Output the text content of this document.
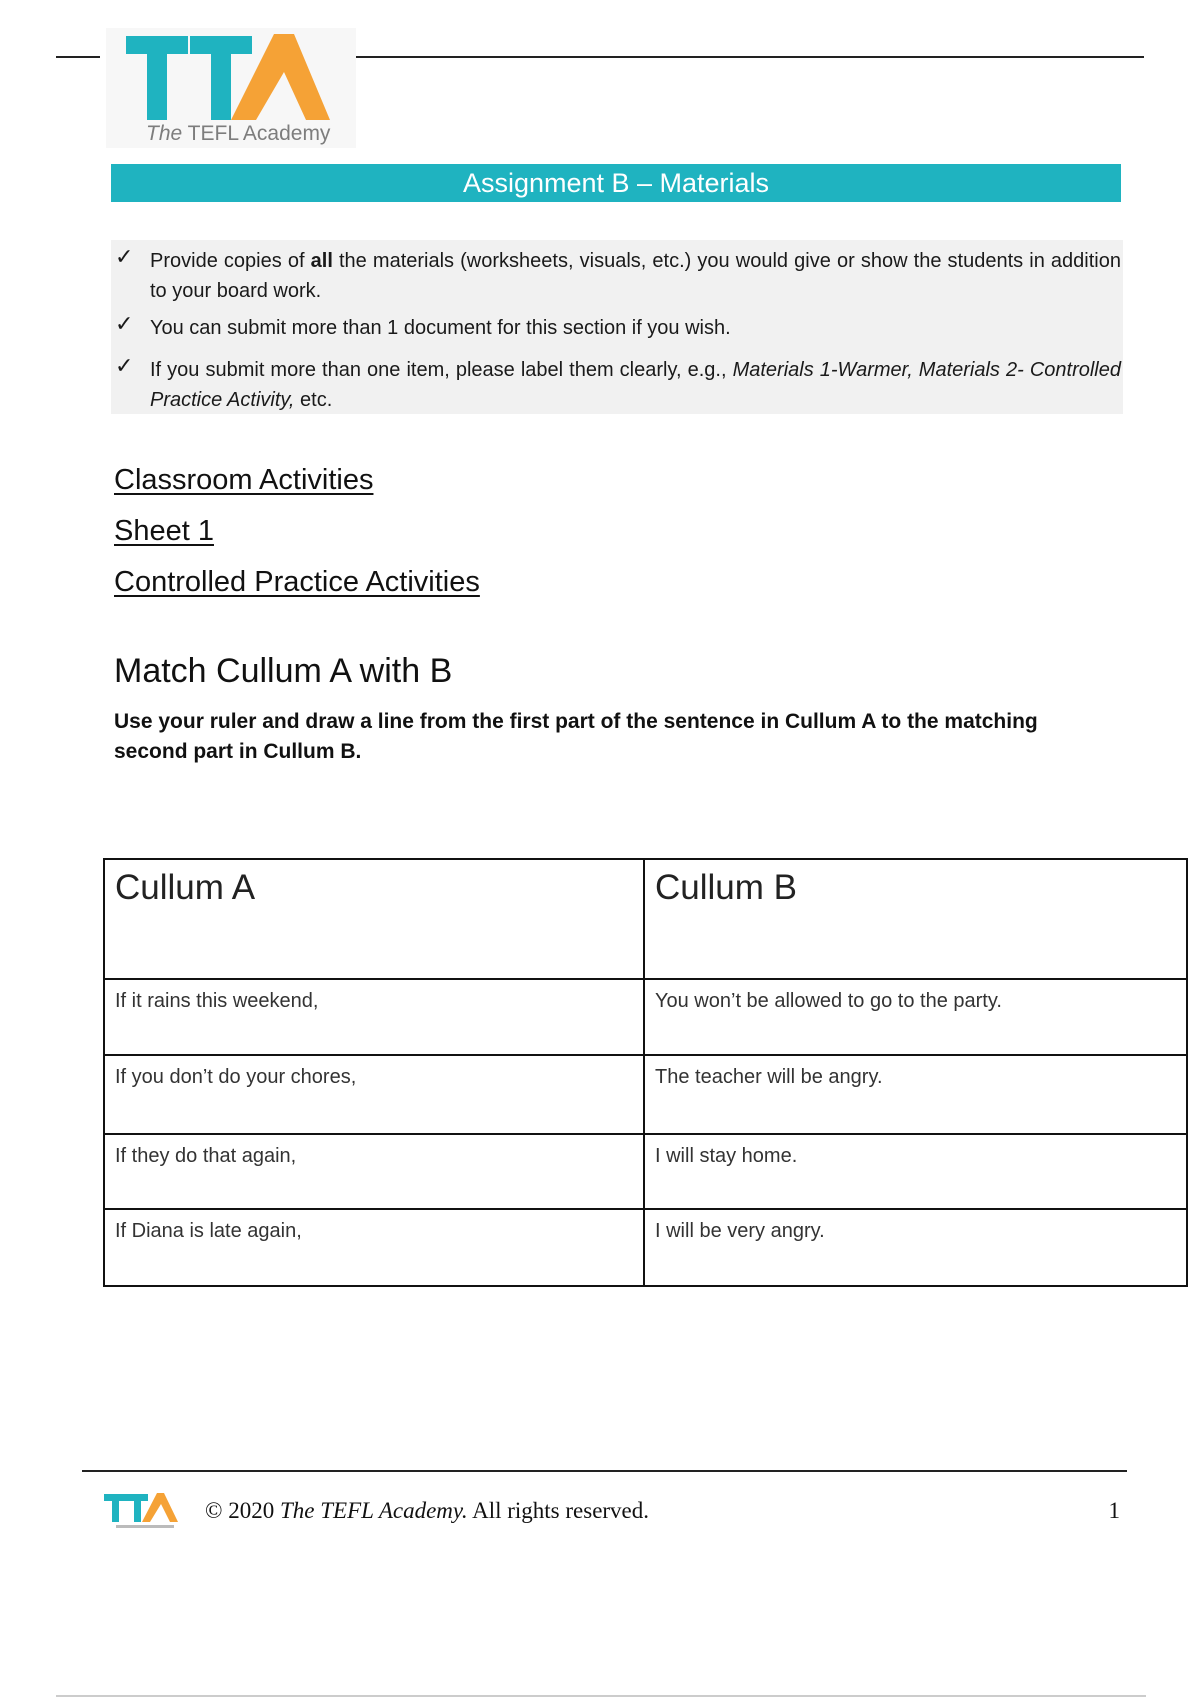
The TEFL Academy
Assignment B – Materials
✓ Provide copies of all the materials (worksheets, visuals, etc.) you would give or show the students in addition to your board work.
✓ You can submit more than 1 document for this section if you wish.
✓ If you submit more than one item, please label them clearly, e.g., Materials 1-Warmer, Materials 2- Controlled Practice Activity, etc.
Classroom Activities
Sheet 1
Controlled Practice Activities
Match Cullum A with B
Use your ruler and draw a line from the first part of the sentence in Cullum A to the matching second part in Cullum B.
Cullum A	Cullum B
If it rains this weekend,	You won’t be allowed to go to the party.
If you don’t do your chores,	The teacher will be angry.
If they do that again,	I will stay home.
If Diana is late again,	I will be very angry.
© 2020 The TEFL Academy. All rights reserved.	1
